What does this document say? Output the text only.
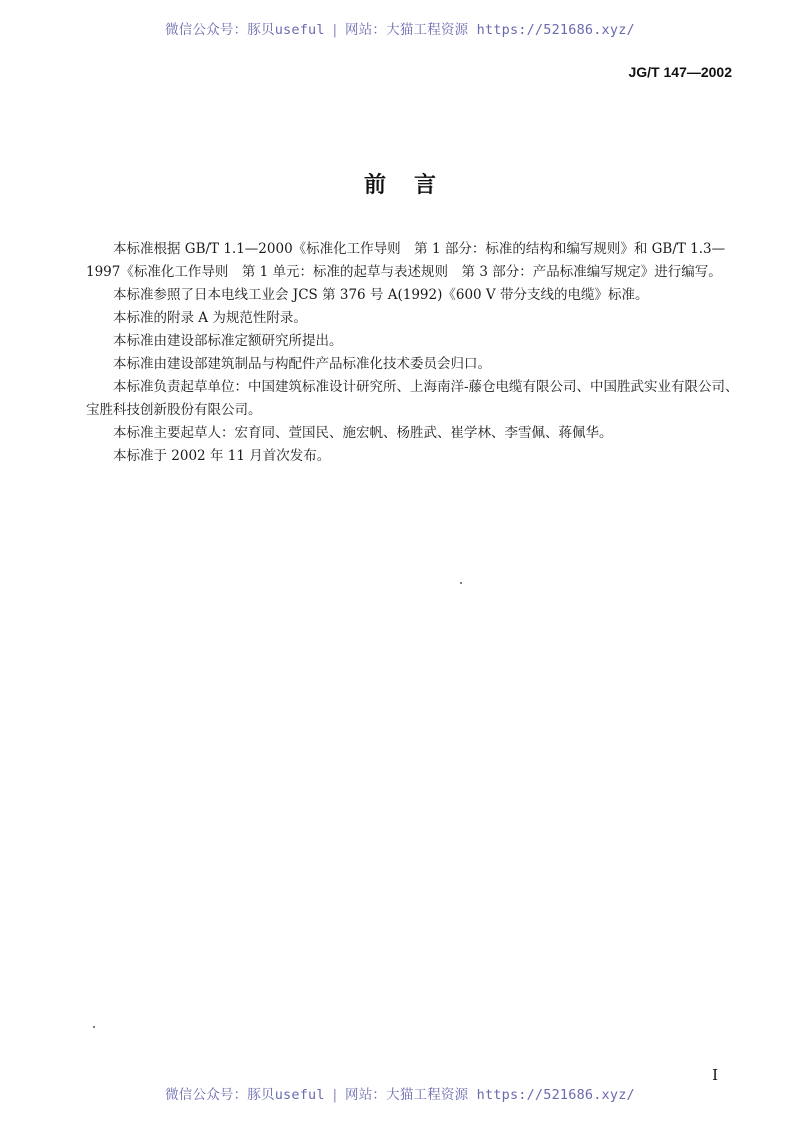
微信公众号：豚贝useful | 网站：大猫工程资源 https://521686.xyz/
JG/T 147—2002
前言

本标准根据 GB/T 1.1—2000《标准化工作导则　第 1 部分：标准的结构和编写规则》和 GB/T 1.3—1997《标准化工作导则　第 1 单元：标准的起草与表述规则　第 3 部分：产品标准编写规定》进行编写。

本标准参照了日本电线工业会 JCS 第 376 号 A(1992)《600 V 带分支线的电缆》标准。

本标准的附录 A 为规范性附录。

本标准由建设部标准定额研究所提出。

本标准由建设部建筑制品与构配件产品标准化技术委员会归口。

本标准负责起草单位：中国建筑标准设计研究所、上海南洋-藤仓电缆有限公司、中国胜武实业有限公司、宝胜科技创新股份有限公司。

本标准主要起草人：宏育同、萱国民、施宏帆、杨胜武、崔学林、李雪佩、蒋佩华。

本标准于 2002 年 11 月首次发布。

I
微信公众号：豚贝useful | 网站：大猫工程资源 https://521686.xyz/
